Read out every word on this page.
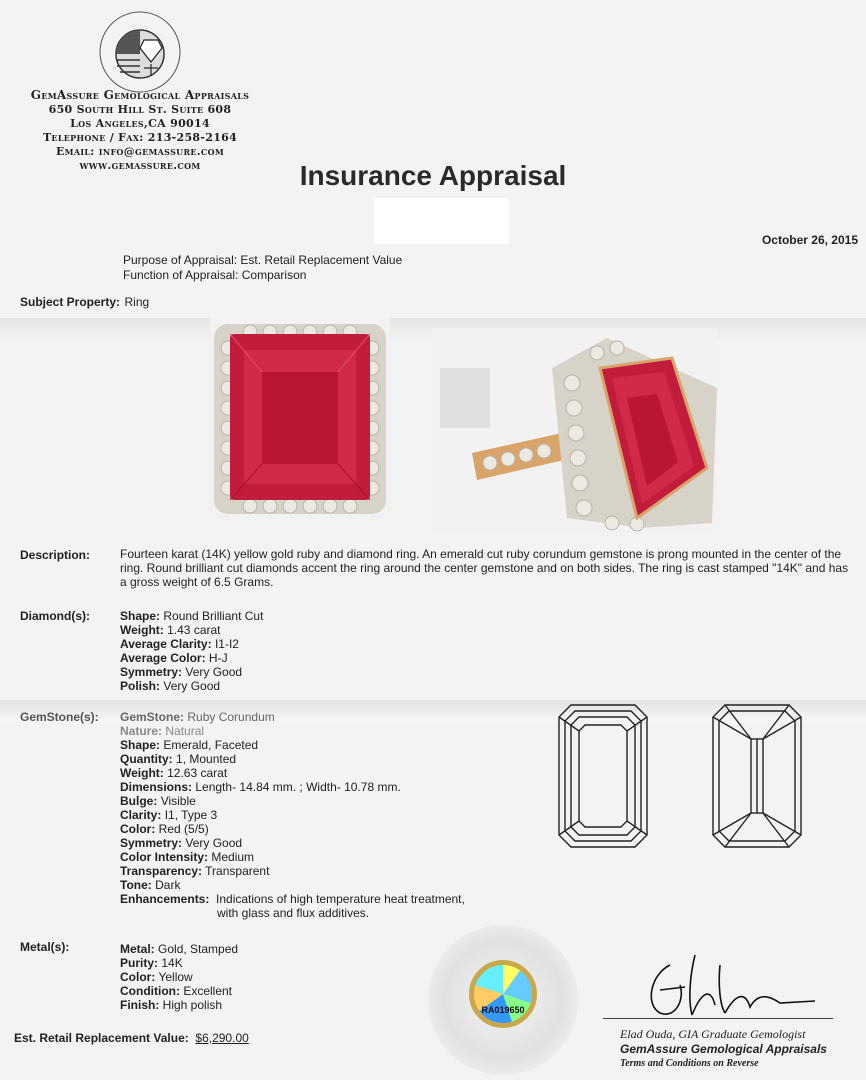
GemAssure Gemological Appraisals
650 South Hill St. Suite 608
Los Angeles,CA 90014
Telephone / Fax: 213-258-2164
Email: info@gemassure.com
www.gemassure.com	Insurance Appraisal
October 26, 2015
Purpose of Appraisal: Est. Retail Replacement Value
Function of Appraisal: Comparison
Subject Property: Ring
Description: Fourteen karat (14K) yellow gold ruby and diamond ring. An emerald cut ruby corundum gemstone is prong mounted in the center of the ring. Round brilliant cut diamonds accent the ring around the center gemstone and on both sides. The ring is cast stamped "14K" and has a gross weight of 6.5 Grams.
Diamond(s):	Shape: Round Brilliant Cut
Weight: 1.43 carat
Average Clarity: I1-I2
Average Color: H-J
Symmetry: Very Good
Polish: Very Good
GemStone(s): GemStone: Ruby Corundum
Nature: Natural
Shape: Emerald, Faceted
Quantity: 1, Mounted
Weight: 12.63 carat
Dimensions: Length- 14.84 mm. ; Width- 10.78 mm.
Bulge: Visible
Clarity: I1, Type 3
Color: Red (5/5)
Symmetry: Very Good
Color Intensity: Medium
Transparency: Transparent
Tone: Dark
Enhancements: Indications of high temperature heat treatment,
with glass and flux additives.
Metal(s):	Metal: Gold, Stamped
Purity: 14K
Color: Yellow
Condition: Excellent
Finish: High polish
Est. Retail Replacement Value: $6,290.00
RA019650
Elad Ouda, GIA Graduate Gemologist
GemAssure Gemological Appraisals
Terms and Conditions on Reverse
